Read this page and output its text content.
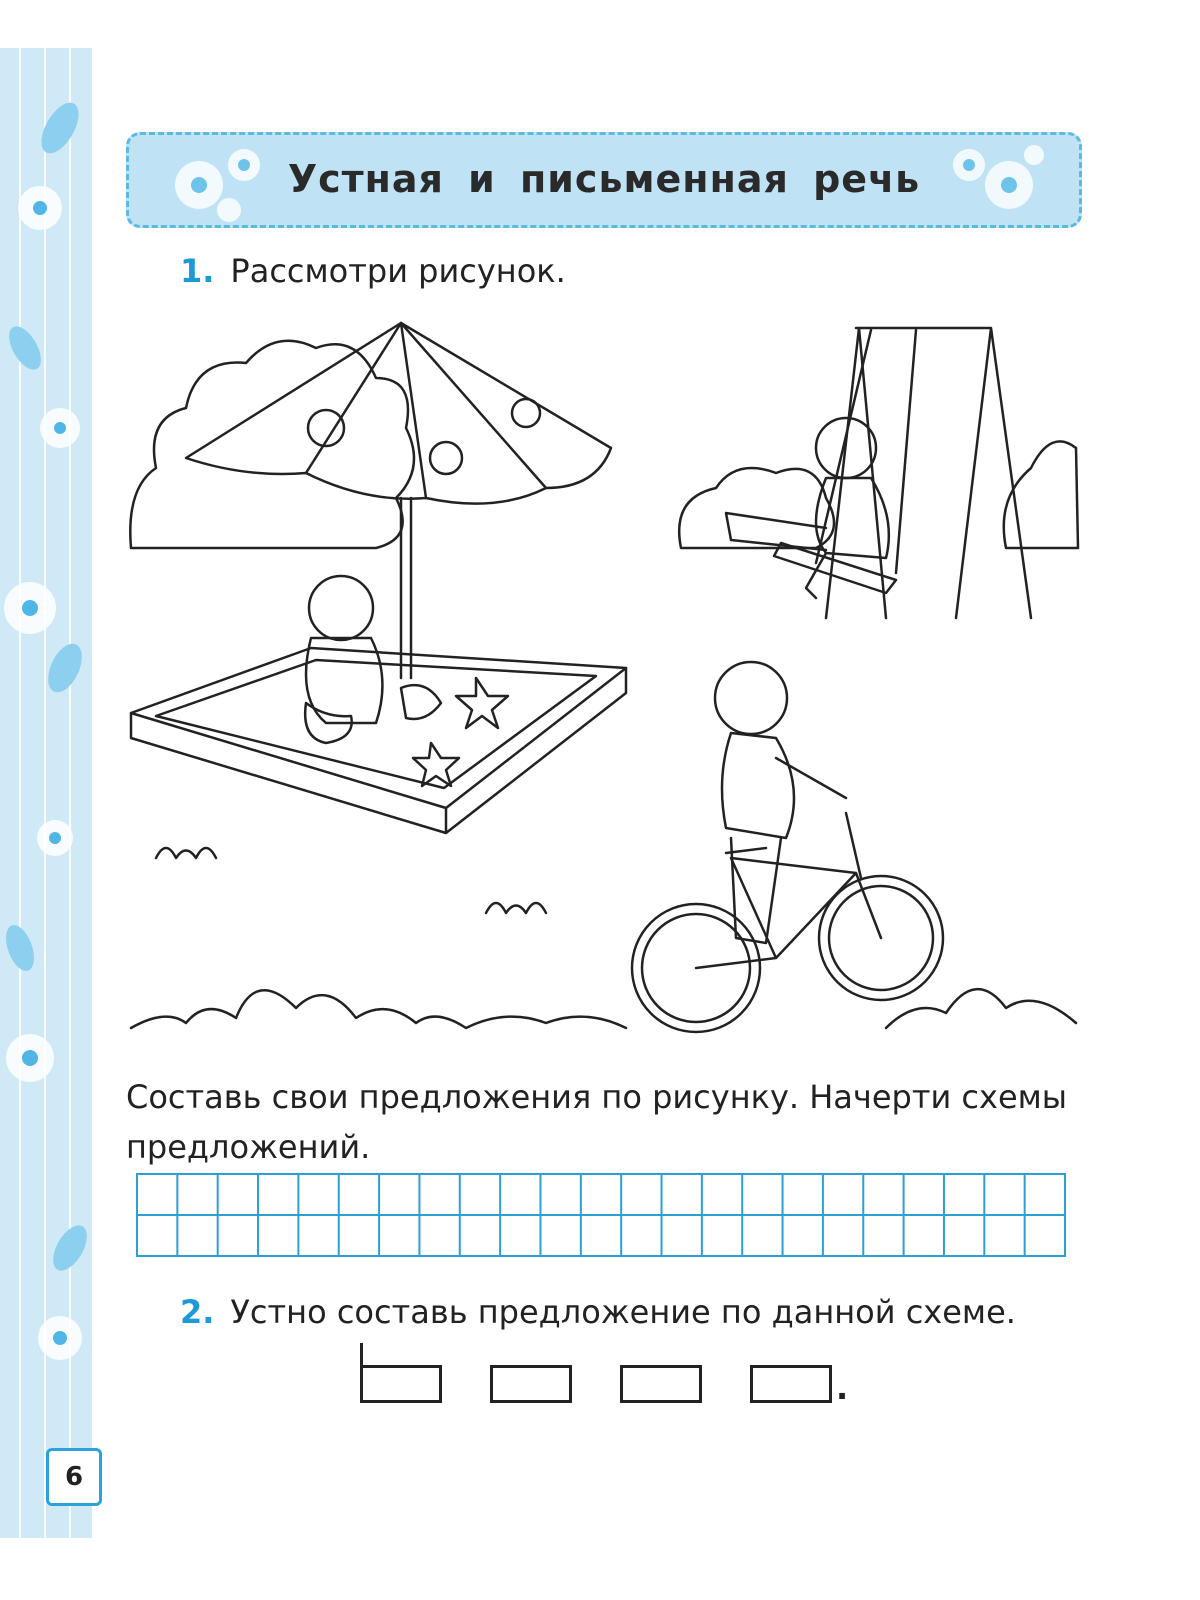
6
Устная и письменная речь
1. Рассмотри рисунок.
Составь свои предложения по рисунку. Начерти схемы предложений.
2. Устно составь предложение по данной схеме.
.
